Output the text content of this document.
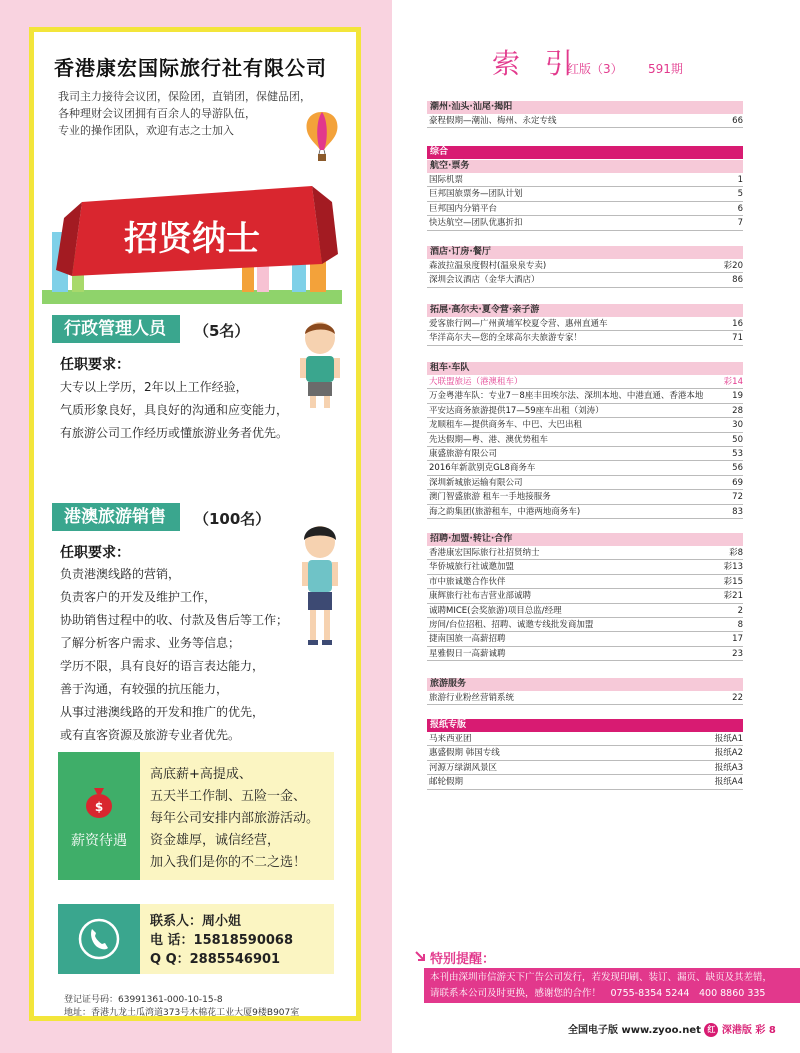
香港康宏国际旅行社有限公司
我司主力接待会议团，保险团，直销团，保健品团，
各种理财会议团拥有百余人的导游队伍，
专业的操作团队，欢迎有志之士加入
招贤纳士
行政管理人员	（5名）
任职要求：
大专以上学历，2年以上工作经验，
气质形象良好，具良好的沟通和应变能力，
有旅游公司工作经历或懂旅游业务者优先。
港澳旅游销售	（100名）
任职要求：
负责港澳线路的营销，
负责客户的开发及维护工作，
协助销售过程中的收、付款及售后等工作；
了解分析客户需求、业务等信息；
学历不限，具有良好的语言表达能力，
善于沟通，有较强的抗压能力，
从事过港澳线路的开发和推广的优先，
或有直客资源及旅游专业者优先。
$
薪资待遇
高底薪+高提成、
五天半工作制、五险一金、
每年公司安排内部旅游活动。
资金雄厚，诚信经营，
加入我们是你的不二之选！
联系人：周小姐
电 话：15818590068
Q Q：2885546901
登记证号码：63991361-000-10-15-8
地址：香港九龙土瓜湾道373号木棉花工业大厦9楼B907室
索 引
红版（3） 591期
潮州·汕头·汕尾·揭阳
豪程假期—潮汕、梅州、永定专线	66
综合
航空·票务
国际机票	1
巨邦国旅票务—团队计划	5
巨邦国内分销平台	6
快达航空—团队优惠折扣	7
酒店·订房·餐厅
森波拉温泉度假村(温泉泉专卖)	彩20
深圳会议酒店（金华大酒店）	86
拓展·高尔夫·夏令营·亲子游
爱客旅行网—广州黄埔军校夏令营、惠州直通车	16
华洋高尔夫—您的全球高尔夫旅游专家！	71
租车·车队
大联盟旅运（港澳租车）	彩14
万金粤港车队：专业7－8座丰田埃尔法、深圳本地、中港直通、香港本地	19
平安达商务旅游提供17—59座车出租（刘涛）	28
龙顺租车—提供商务车、中巴、大巴出租	30
先达假期—粤、港、澳优势租车	50
康盛旅游有限公司	53
2016年新款别克GL8商务车	56
深圳新城旅运输有限公司	69
澳门智盛旅游 租车一手地接服务	72
海之韵集团(旅游租车，中港两地商务车)	83
招聘·加盟·转让·合作
香港康宏国际旅行社招贤纳士	彩8
华侨城旅行社诚邀加盟	彩13
市中旅诚邀合作伙伴	彩15
康辉旅行社布吉营业部诚聘	彩21
诚聘MICE(会奖旅游)项目总监/经理	2
房间/台位招租、招聘、诚邀专线批发商加盟	8
捷南国旅一高薪招聘	17
星雅假日一高薪诚聘	23
旅游服务
旅游行业粉丝营销系统	22
报纸专版
马来西亚团	报纸A1
惠盛假期 韩国专线	报纸A2
河源万绿湖风景区	报纸A3
邮轮假期	报纸A4
特别提醒：
本刊由深圳市信游天下广告公司发行，若发现印刷、装订、漏页、缺页及其差错，
请联系本公司及时更换，感谢您的合作！　0755-8354 5244　400 8860 335
全国电子版 www.zyoo.net 红 深港版 彩 8
